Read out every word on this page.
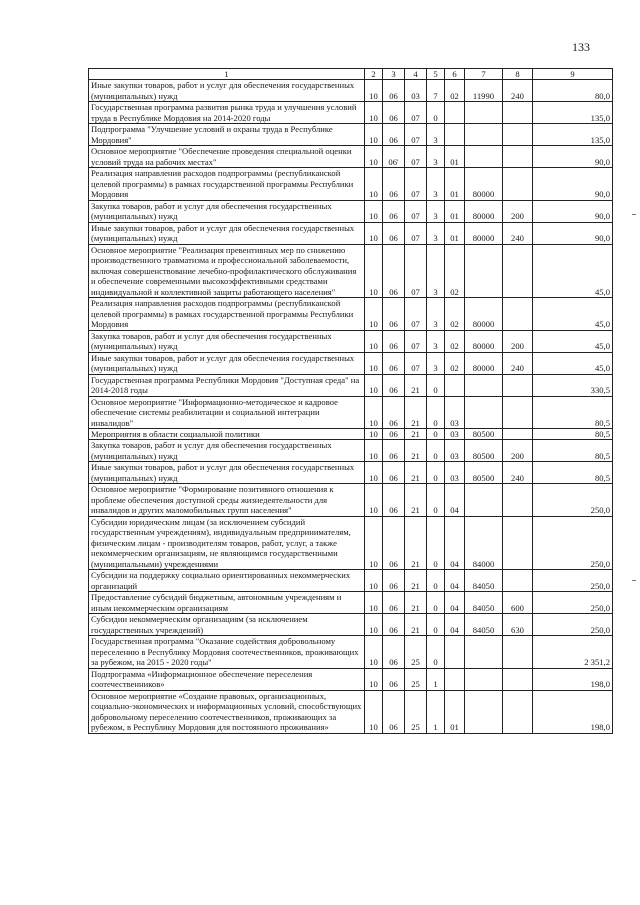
133
1	2	3	4	5	6	7	8	9
Иные закупки товаров, работ и услуг для обеспечения государственных (муниципальных) нужд	10	06	03	7	02	11990	240	80,0
Государственная программа развития рынка труда и улучшения условий труда в Республике Мордовия на 2014-2020 годы	10	06	07	0				135,0
Подпрограмма "Улучшение условий и охраны труда в Республике Мордовия"	10	06	07	3				135,0
Основное мероприятие "Обеспечение проведения специальной оценки условий труда на рабочих местах"	10	06'	07	3	01			90,0
Реализация направления расходов подпрограммы (республиканской целевой программы) в рамках государственной программы Республики Мордовия	10	06	07	3	01	80000		90,0
Закупка товаров, работ и услуг для обеспечения государственных (муниципальных) нужд	10	06	07	3	01	80000	200	90,0
Иные закупки товаров, работ и услуг для обеспечения государственных (муниципальных) нужд	10	06	07	3	01	80000	240	90,0
Основное мероприятие "Реализация превентивных мер по снижению производственного травматизма и профессиональной заболеваемости, включая совершенствование лечебно-профилактического обслуживания и обеспечение современными высокоэффективными средствами индивидуальной и коллективной защиты работающего населения"	10	06	07	3	02			45,0
Реализация направления расходов подпрограммы (республиканской целевой программы) в рамках государственной программы Республики Мордовия	10	06	07	3	02	80000		45,0
Закупка товаров, работ и услуг для обеспечения государственных (муниципальных) нужд	10	06	07	3	02	80000	200	45,0
Иные закупки товаров, работ и услуг для обеспечения государственных (муниципальных) нужд	10	06	07	3	02	80000	240	45,0
Государственная программа Республики Мордовия "Доступная среда" на 2014-2018 годы	10	06	21	0				330,5
Основное мероприятие "Информационно-методическое и кадровое обеспечение системы реабилитации и социальной интеграции инвалидов"	10	06	21	0	03			80,5
Мероприятия в области социальной политики	10	06	21	0	03	80500		80,5
Закупка товаров, работ и услуг для обеспечения государственных (муниципальных) нужд	10	06	21	0	03	80500	200	80,5
Иные закупки товаров, работ и услуг для обеспечения государственных (муниципальных) нужд	10	06	21	0	03	80500	240	80,5
Основное мероприятие "Формирование позитивного отношения к проблеме обеспечения доступной среды жизнедеятельности для инвалидов и других маломобильных групп населения"	10	06	21	0	04			250,0
Субсидии юридическим лицам (за исключением субсидий государственным учреждениям), индивидуальным предпринимателям, физическим лицам - производителям товаров, работ, услуг, а также некоммерческим организациям, не являющимся государственными (муниципальными) учреждениями	10	06	21	0	04	84000		250,0
Субсидии на поддержку социально ориентированных некоммерческих организаций	10	06	21	0	04	84050		250,0
Предоставление субсидий бюджетным, автономным учреждениям и иным некоммерческим организациям	10	06	21	0	04	84050	600	250,0
Субсидии некоммерческим организациям (за исключением государственных учреждений)	10	06	21	0	04	84050	630	250,0
Государственная программа "Оказание содействия добровольному переселению в Республику Мордовия соотечественников, проживающих за рубежом, на 2015 - 2020 годы"	10	06	25	0				2 351,2
Подпрограмма «Информационное обеспечение переселения соотечественников»	10	06	25	1				198,0
Основное мероприятие «Создание правовых, организационных, социально-экономических и информационных условий, способствующих добровольному переселению соотечественников, проживающих за рубежом, в Республику Мордовия для постоянного проживания»	10	06	25	1	01			198,0
